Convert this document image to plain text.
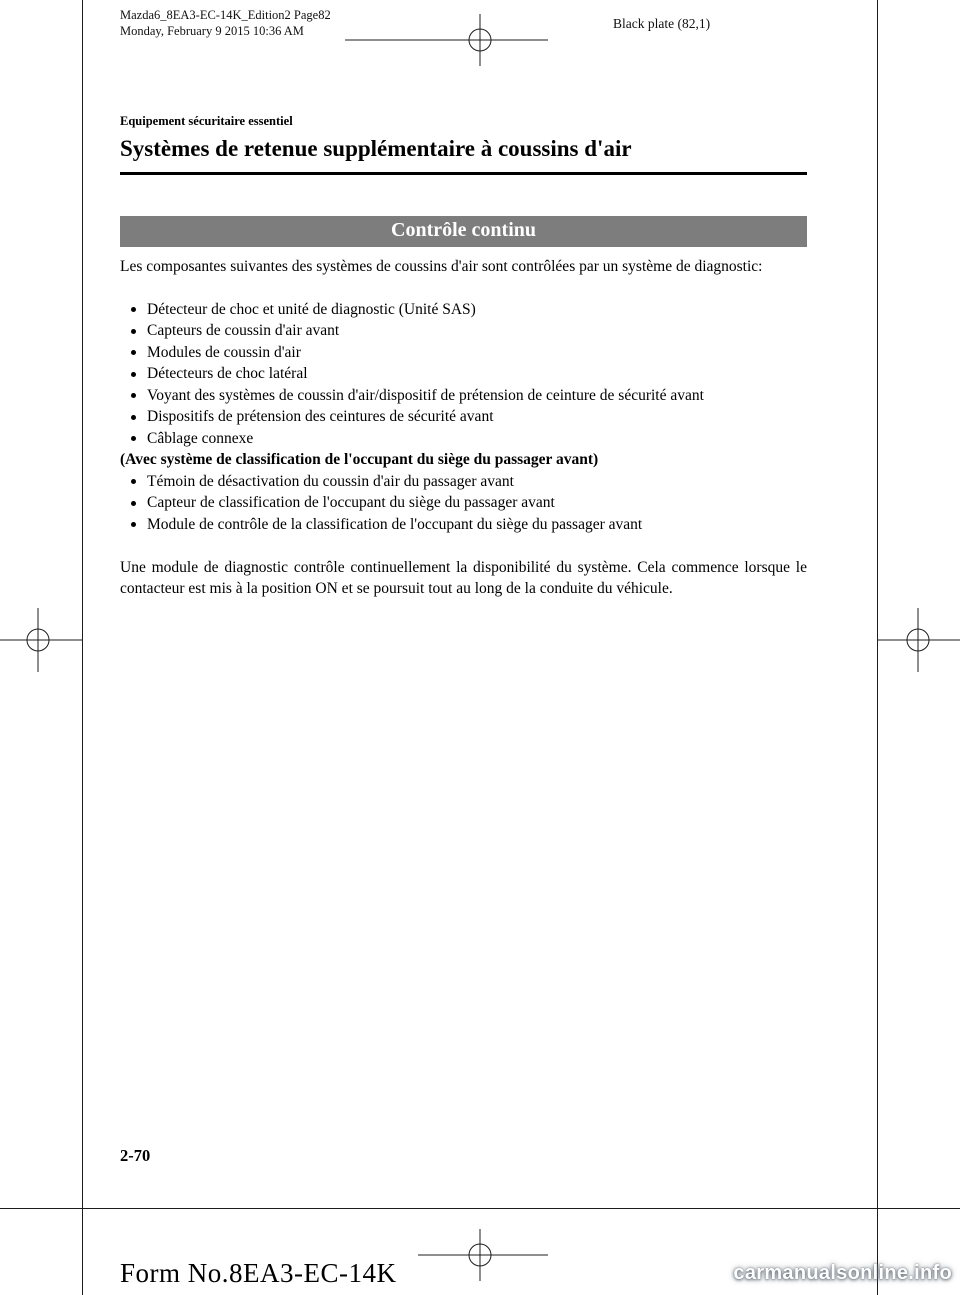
Mazda6_8EA3-EC-14K_Edition2 Page82
Monday, February 9 2015 10:36 AM	Black plate (82,1)
Equipement sécuritaire essentiel
Systèmes de retenue supplémentaire à coussins d'air
Contrôle continu

Les composantes suivantes des systèmes de coussins d'air sont contrôlées par un système de diagnostic:

Détecteur de choc et unité de diagnostic (Unité SAS)
Capteurs de coussin d'air avant
Modules de coussin d'air
Détecteurs de choc latéral
Voyant des systèmes de coussin d'air/dispositif de prétension de ceinture de sécurité avant
Dispositifs de prétension des ceintures de sécurité avant
Câblage connexe

(Avec système de classification de l'occupant du siège du passager avant)

Témoin de désactivation du coussin d'air du passager avant
Capteur de classification de l'occupant du siège du passager avant
Module de contrôle de la classification de l'occupant du siège du passager avant

Une module de diagnostic contrôle continuellement la disponibilité du système. Cela commence lorsque le contacteur est mis à la position ON et se poursuit tout au long de la conduite du véhicule.

2-70
Form No.8EA3-EC-14K	carmanualsonline.info
